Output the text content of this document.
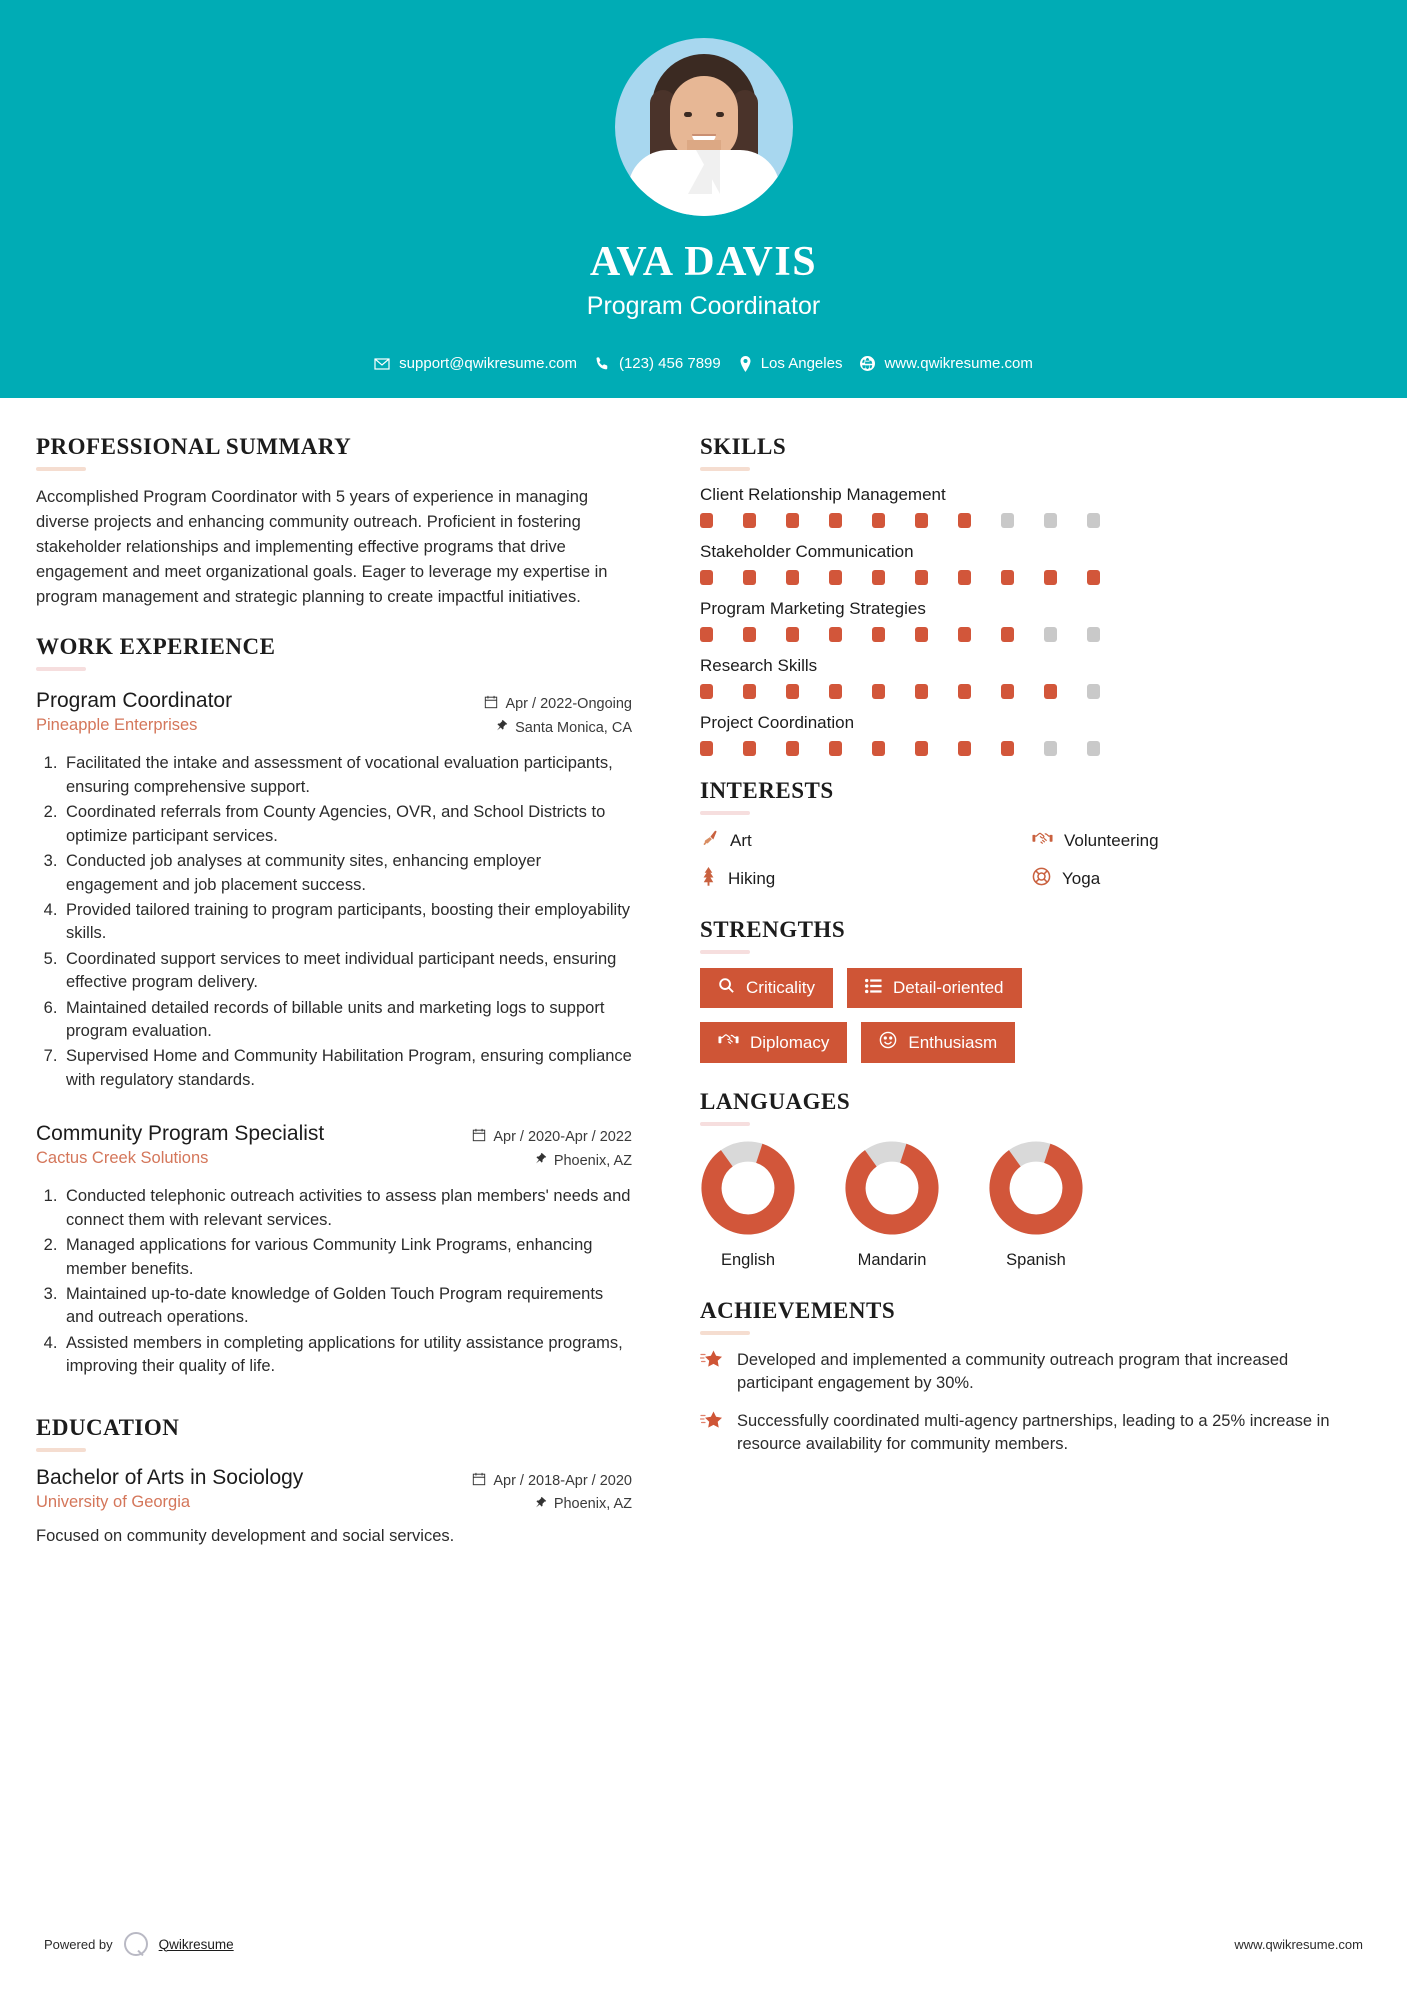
AVA DAVIS
Program Coordinator
support@qwikresume.com	(123) 456 7899	Los Angeles	www.qwikresume.com
PROFESSIONAL SUMMARY
Accomplished Program Coordinator with 5 years of experience in managing diverse projects and enhancing community outreach. Proficient in fostering stakeholder relationships and implementing effective programs that drive engagement and meet organizational goals. Eager to leverage my expertise in program management and strategic planning to create impactful initiatives.
WORK EXPERIENCE
Program Coordinator
Pineapple Enterprises
Apr / 2022-Ongoing
Santa Monica, CA
1. Facilitated the intake and assessment of vocational evaluation participants, ensuring comprehensive support.
2. Coordinated referrals from County Agencies, OVR, and School Districts to optimize participant services.
3. Conducted job analyses at community sites, enhancing employer engagement and job placement success.
4. Provided tailored training to program participants, boosting their employability skills.
5. Coordinated support services to meet individual participant needs, ensuring effective program delivery.
6. Maintained detailed records of billable units and marketing logs to support program evaluation.
7. Supervised Home and Community Habilitation Program, ensuring compliance with regulatory standards.
Community Program Specialist
Cactus Creek Solutions
Apr / 2020-Apr / 2022
Phoenix, AZ
1. Conducted telephonic outreach activities to assess plan members' needs and connect them with relevant services.
2. Managed applications for various Community Link Programs, enhancing member benefits.
3. Maintained up-to-date knowledge of Golden Touch Program requirements and outreach operations.
4. Assisted members in completing applications for utility assistance programs, improving their quality of life.
EDUCATION
Bachelor of Arts in Sociology
University of Georgia
Apr / 2018-Apr / 2020
Phoenix, AZ
Focused on community development and social services.
SKILLS
Client Relationship Management
Stakeholder Communication
Program Marketing Strategies
Research Skills
Project Coordination
INTERESTS
Art	Volunteering
Hiking	Yoga
STRENGTHS
Criticality	Detail-oriented
Diplomacy	Enthusiasm
LANGUAGES
English	Mandarin	Spanish
ACHIEVEMENTS
Developed and implemented a community outreach program that increased participant engagement by 30%.
Successfully coordinated multi-agency partnerships, leading to a 25% increase in resource availability for community members.
Powered by	Qwikresume	www.qwikresume.com
